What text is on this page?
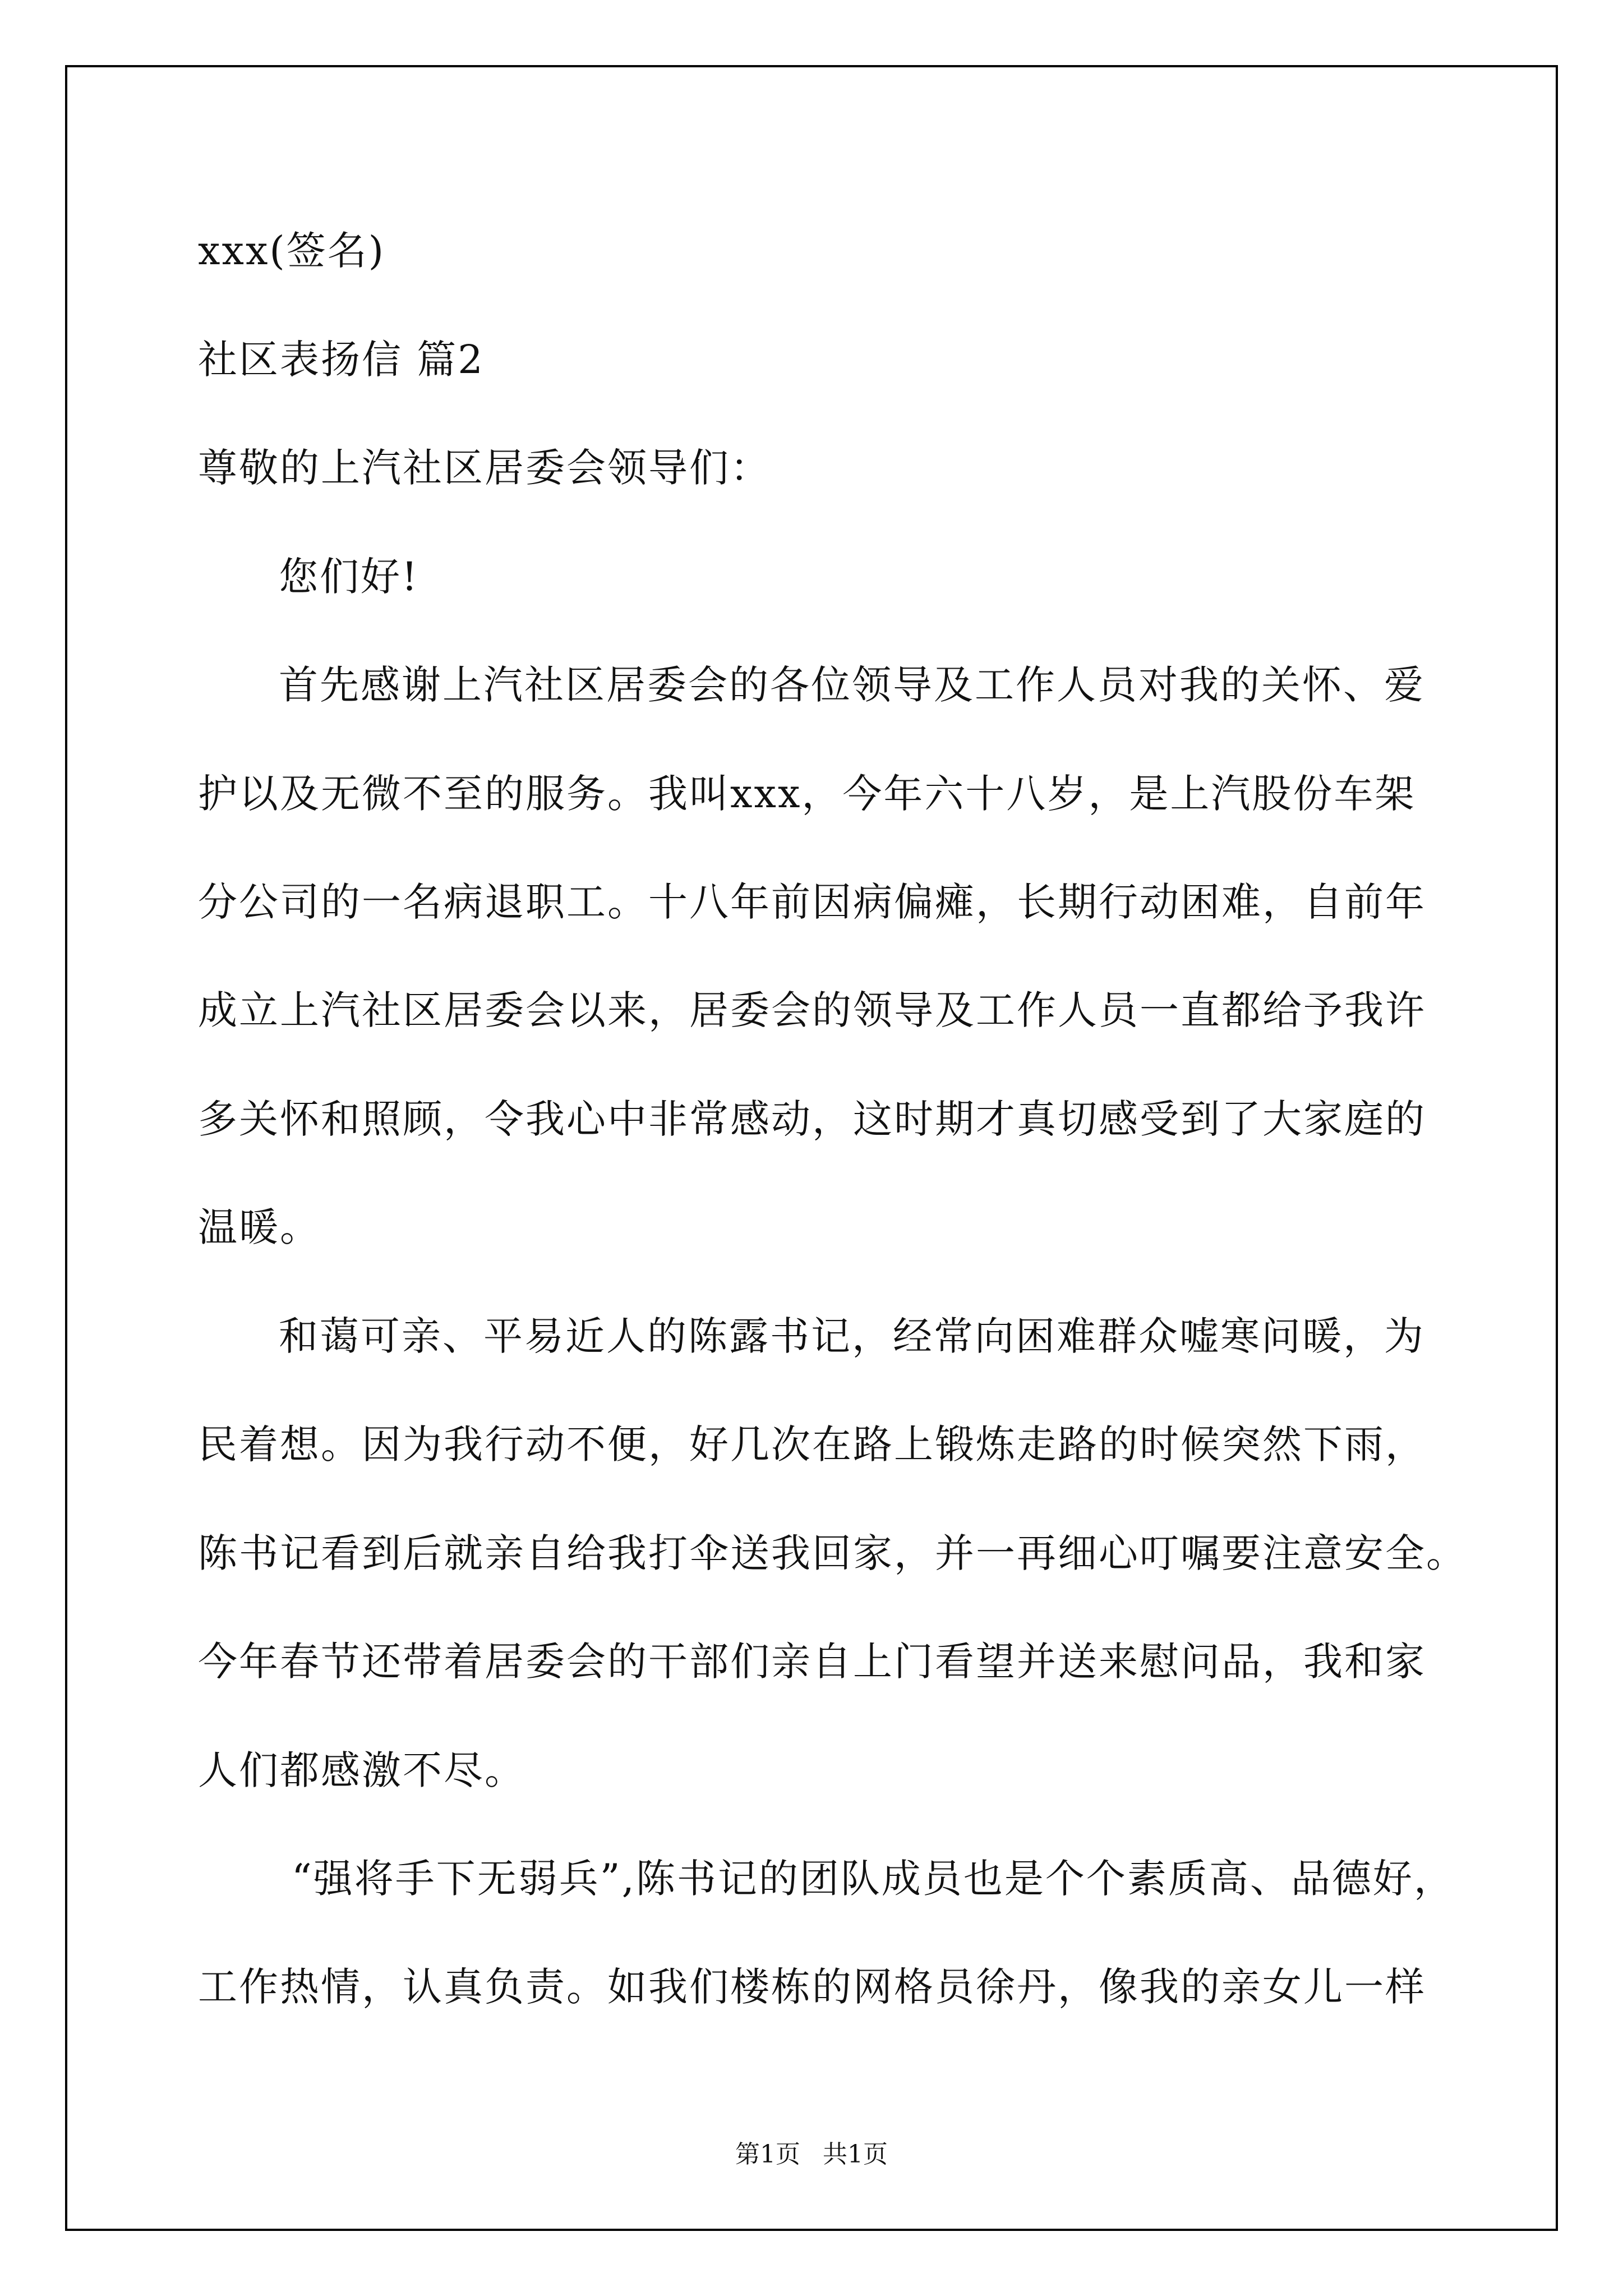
xxx(签名)
社区表扬信 篇2
尊敬的上汽社区居委会领导们：
您们好!
首先感谢上汽社区居委会的各位领导及工作人员对我的关怀、爱
护以及无微不至的服务。我叫xxx，今年六十八岁，是上汽股份车架
分公司的一名病退职工。十八年前因病偏瘫，长期行动困难，自前年
成立上汽社区居委会以来，居委会的领导及工作人员一直都给予我许
多关怀和照顾，令我心中非常感动，这时期才真切感受到了大家庭的
温暖。
和蔼可亲、平易近人的陈露书记，经常向困难群众嘘寒问暖，为
民着想。因为我行动不便，好几次在路上锻炼走路的时候突然下雨，
陈书记看到后就亲自给我打伞送我回家，并一再细心叮嘱要注意安全。
今年春节还带着居委会的干部们亲自上门看望并送来慰问品，我和家
人们都感激不尽。
“强将手下无弱兵”,陈书记的团队成员也是个个素质高、品德好，
工作热情，认真负责。如我们楼栋的网格员徐丹，像我的亲女儿一样
第1页 共1页
